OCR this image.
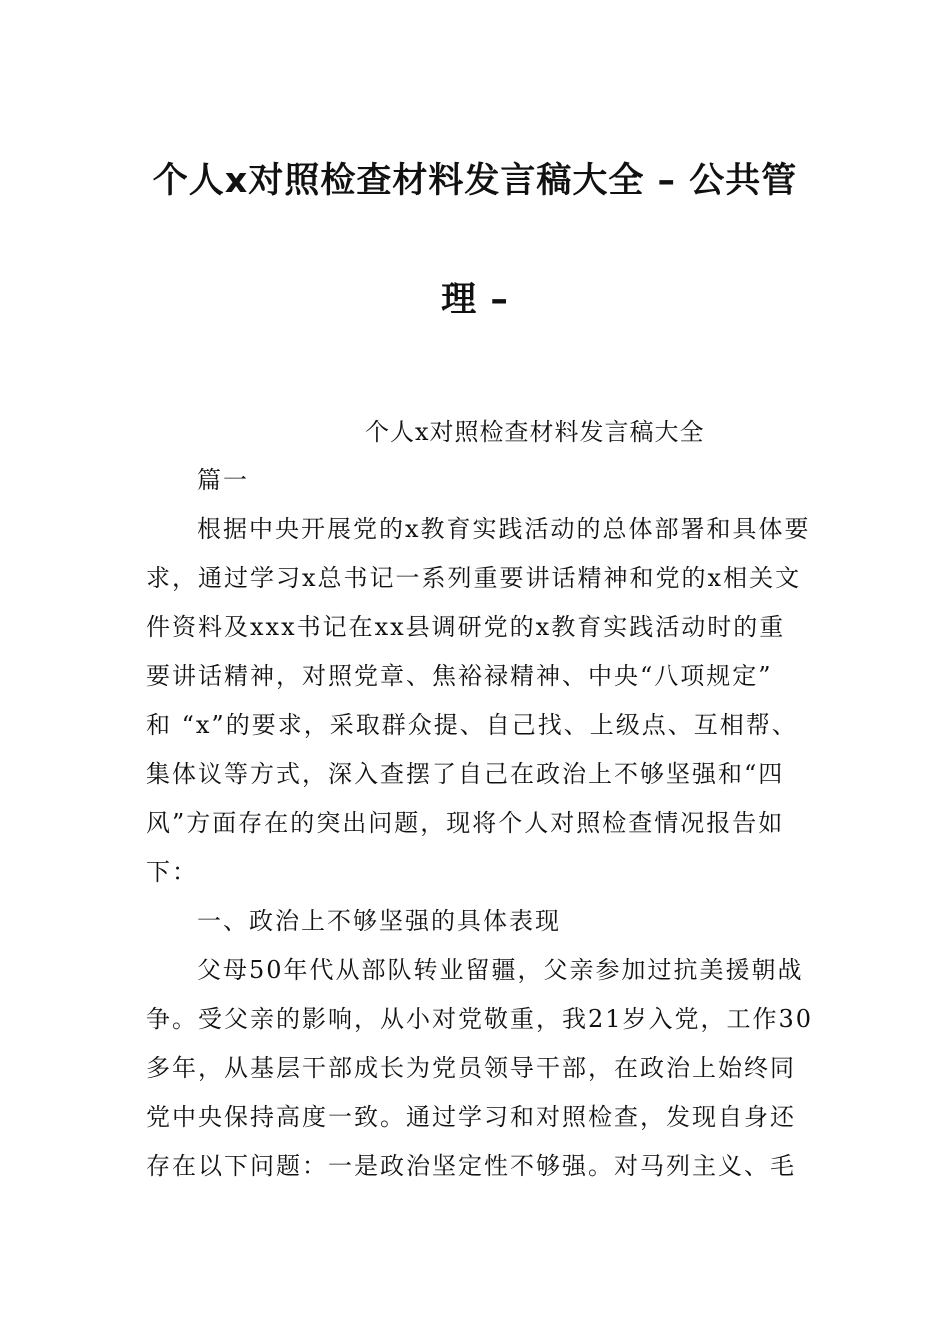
个人x对照检查材料发言稿大全 – 公共管
理 –
个人x对照检查材料发言稿大全
篇一
根据中央开展党的x教育实践活动的总体部署和具体要
求，通过学习x总书记一系列重要讲话精神和党的x相关文
件资料及xxx书记在xx县调研党的x教育实践活动时的重
要讲话精神，对照党章、焦裕禄精神、中央“八项规定”
和 “x”的要求，采取群众提、自己找、上级点、互相帮、
集体议等方式，深入查摆了自己在政治上不够坚强和“四
风”方面存在的突出问题，现将个人对照检查情况报告如
下：
一、政治上不够坚强的具体表现
父母50年代从部队转业留疆，父亲参加过抗美援朝战
争。受父亲的影响，从小对党敬重，我21岁入党，工作30
多年，从基层干部成长为党员领导干部，在政治上始终同
党中央保持高度一致。通过学习和对照检查，发现自身还
存在以下问题：一是政治坚定性不够强。对马列主义、毛
